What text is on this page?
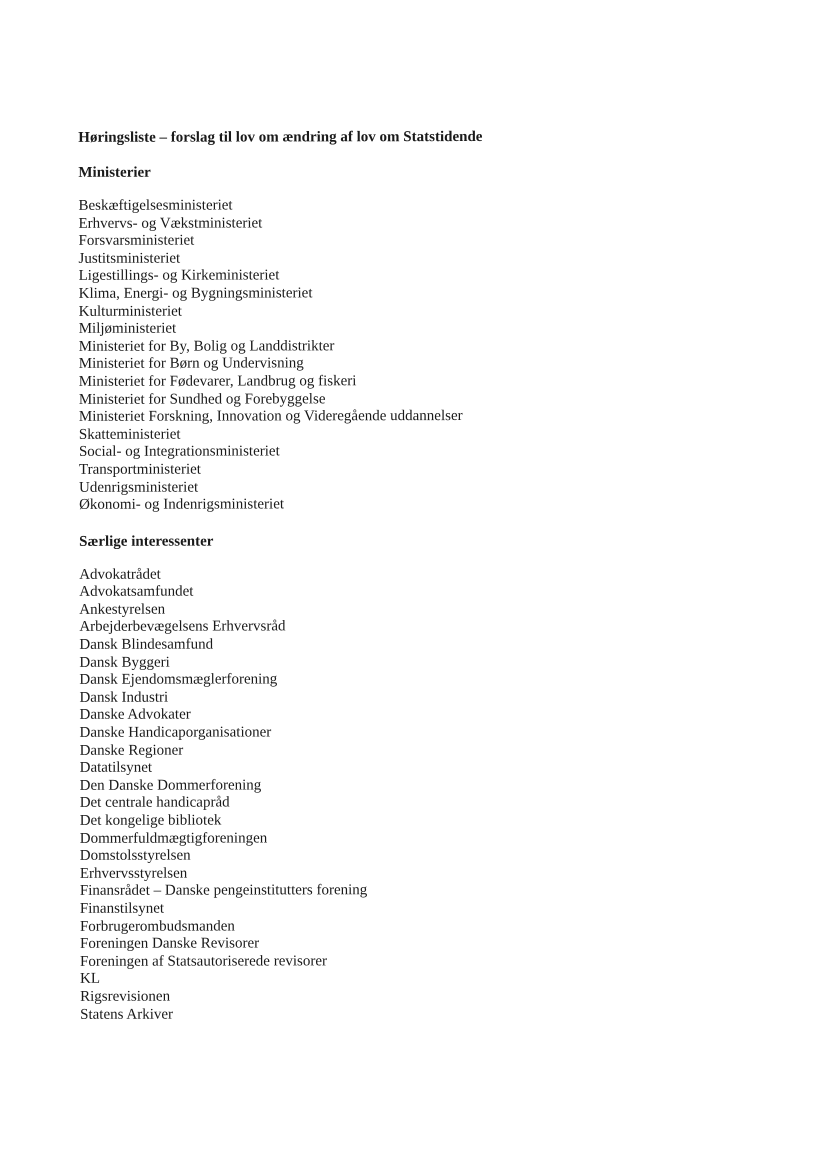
Høringsliste – forslag til lov om ændring af lov om Statstidende

Ministerier

Beskæftigelsesministeriet
Erhvervs- og Vækstministeriet
Forsvarsministeriet
Justitsministeriet
Ligestillings- og Kirkeministeriet
Klima, Energi- og Bygningsministeriet
Kulturministeriet
Miljøministeriet
Ministeriet for By, Bolig og Landdistrikter
Ministeriet for Børn og Undervisning
Ministeriet for Fødevarer, Landbrug og fiskeri
Ministeriet for Sundhed og Forebyggelse
Ministeriet Forskning, Innovation og Videregående uddannelser
Skatteministeriet
Social- og Integrationsministeriet
Transportministeriet
Udenrigsministeriet
Økonomi- og Indenrigsministeriet

Særlige interessenter

Advokatrådet
Advokatsamfundet
Ankestyrelsen
Arbejderbevægelsens Erhvervsråd
Dansk Blindesamfund
Dansk Byggeri
Dansk Ejendomsmæglerforening
Dansk Industri
Danske Advokater
Danske Handicaporganisationer
Danske Regioner
Datatilsynet
Den Danske Dommerforening
Det centrale handicapråd
Det kongelige bibliotek
Dommerfuldmægtigforeningen
Domstolsstyrelsen
Erhvervsstyrelsen
Finansrådet – Danske pengeinstitutters forening
Finanstilsynet
Forbrugerombudsmanden
Foreningen Danske Revisorer
Foreningen af Statsautoriserede revisorer
KL
Rigsrevisionen
Statens Arkiver
